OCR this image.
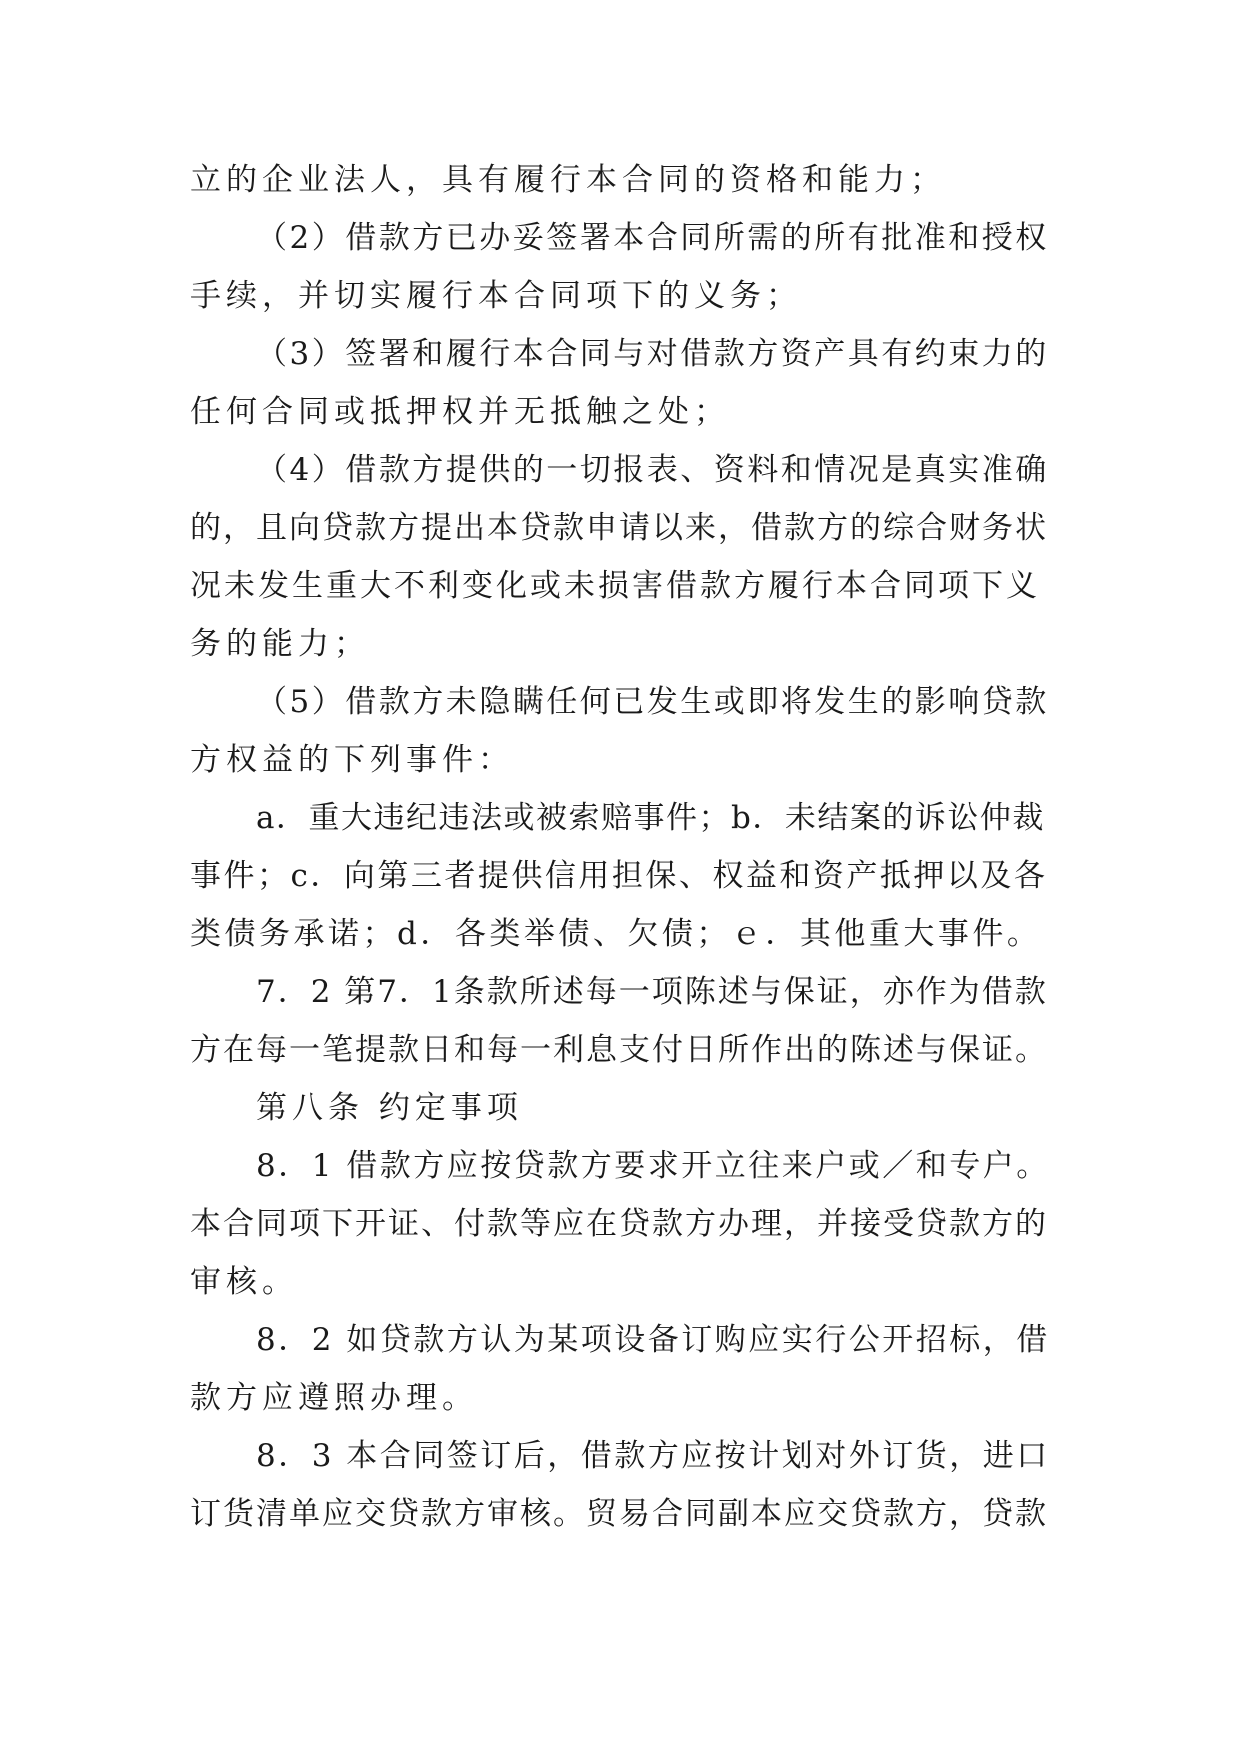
立的企业法人，具有履行本合同的资格和能力；
（2）借款方已办妥签署本合同所需的所有批准和授权
手续，并切实履行本合同项下的义务；
（3）签署和履行本合同与对借款方资产具有约束力的
任何合同或抵押权并无抵触之处；
（4）借款方提供的一切报表、资料和情况是真实准确
的，且向贷款方提出本贷款申请以来，借款方的综合财务状
况未发生重大不利变化或未损害借款方履行本合同项下义
务的能力；
（5）借款方未隐瞒任何已发生或即将发生的影响贷款
方权益的下列事件：
a．重大违纪违法或被索赔事件；b．未结案的诉讼仲裁
事件；c．向第三者提供信用担保、权益和资产抵押以及各
类债务承诺；d．各类举债、欠债；ｅ．其他重大事件。
7．2 第7．1条款所述每一项陈述与保证，亦作为借款
方在每一笔提款日和每一利息支付日所作出的陈述与保证。
第八条 约定事项
8．1 借款方应按贷款方要求开立往来户或／和专户。
本合同项下开证、付款等应在贷款方办理，并接受贷款方的
审核。
8．2 如贷款方认为某项设备订购应实行公开招标，借
款方应遵照办理。
8．3 本合同签订后，借款方应按计划对外订货，进口
订货清单应交贷款方审核。贸易合同副本应交贷款方，贷款
